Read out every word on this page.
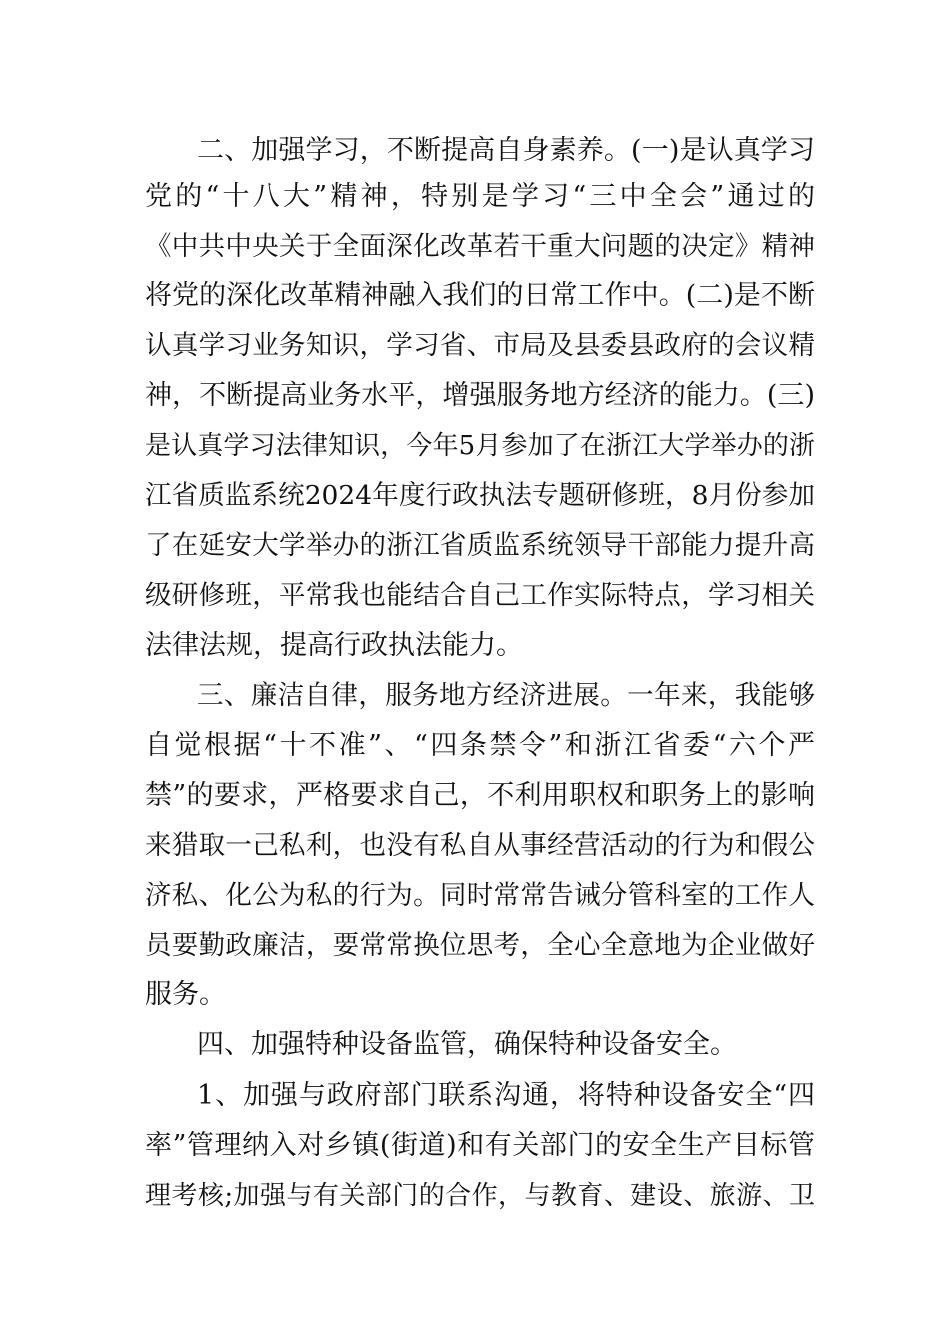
二、加强学习，不断提高自身素养。(一)是认真学习
党的“十八大”精神，特别是学习“三中全会”通过的
《中共中央关于全面深化改革若干重大问题的决定》精神
将党的深化改革精神融入我们的日常工作中。(二)是不断
认真学习业务知识，学习省、市局及县委县政府的会议精
神，不断提高业务水平，增强服务地方经济的能力。(三)
是认真学习法律知识，今年5月参加了在浙江大学举办的浙
江省质监系统2024年度行政执法专题研修班，8月份参加
了在延安大学举办的浙江省质监系统领导干部能力提升高
级研修班，平常我也能结合自己工作实际特点，学习相关
法律法规，提高行政执法能力。
三、廉洁自律，服务地方经济进展。一年来，我能够
自觉根据“十不准”、“四条禁令”和浙江省委“六个严
禁”的要求，严格要求自己，不利用职权和职务上的影响
来猎取一己私利，也没有私自从事经营活动的行为和假公
济私、化公为私的行为。同时常常告诫分管科室的工作人
员要勤政廉洁，要常常换位思考，全心全意地为企业做好
服务。
四、加强特种设备监管，确保特种设备安全。
1、加强与政府部门联系沟通，将特种设备安全“四
率”管理纳入对乡镇(街道)和有关部门的安全生产目标管
理考核;加强与有关部门的合作，与教育、建设、旅游、卫
